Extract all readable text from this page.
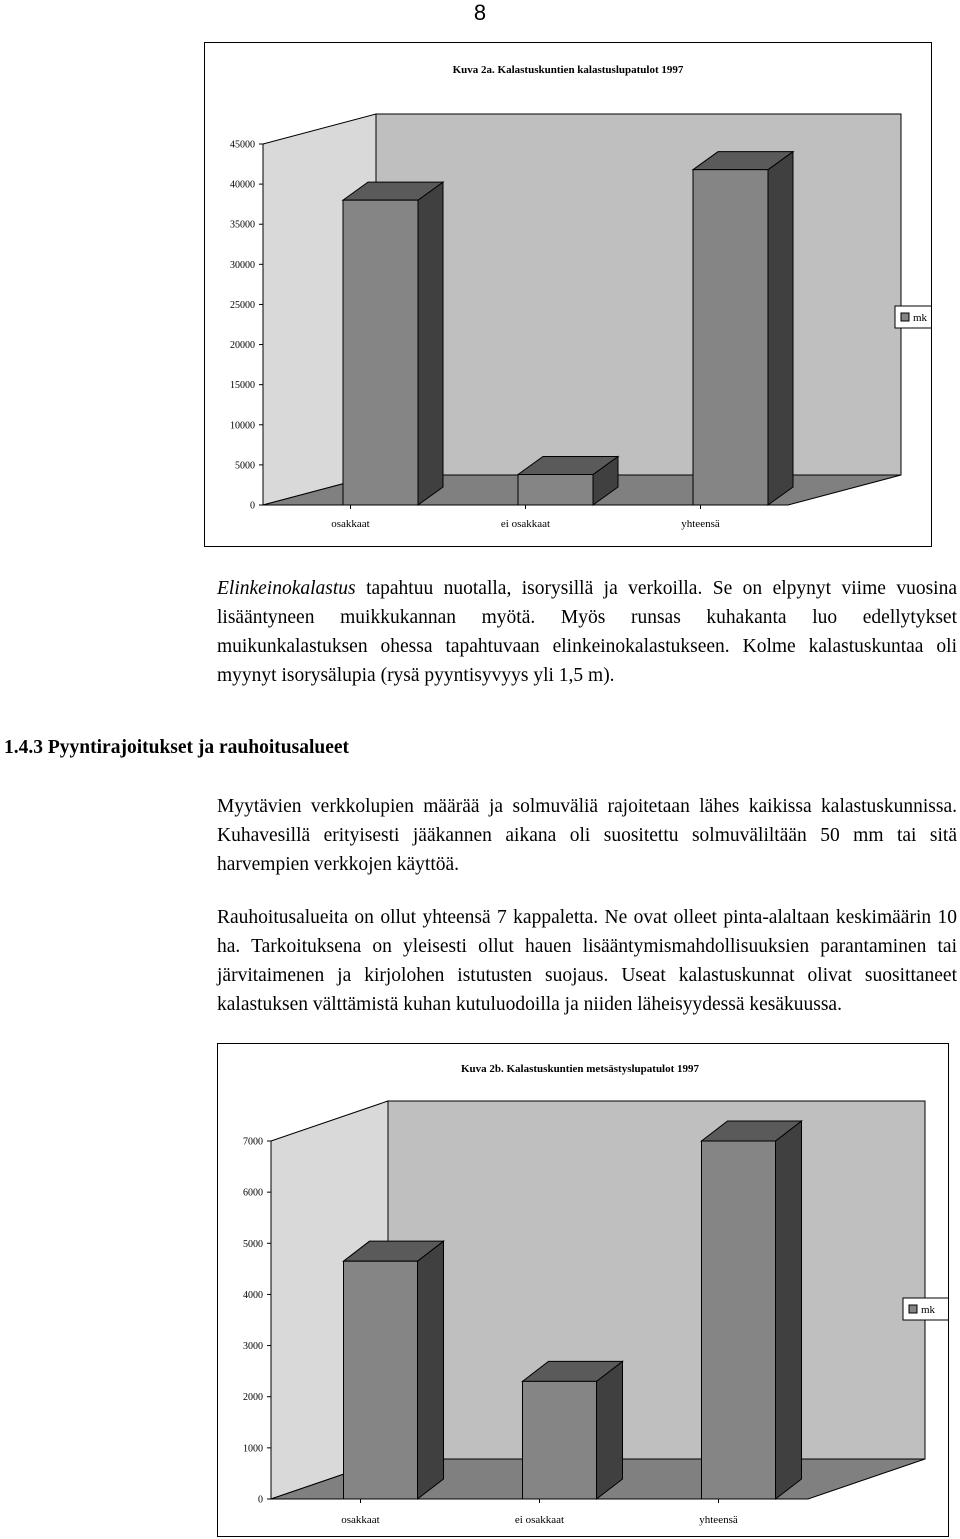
8
0
5000
10000
15000
20000
25000
30000
35000
40000
45000
osakkaat	ei osakkaat	yhteensä
Kuva 2a. Kalastuskuntien kalastuslupatulot 1997
mk

Elinkeinokalastus tapahtuu nuotalla, isorysillä ja verkoilla. Se on elpynyt viime vuosina lisääntyneen muikkukannan myötä. Myös runsas kuhakanta luo edellytykset muikunkalastuksen ohessa tapahtuvaan elinkeinokalastukseen. Kolme kalastuskuntaa oli myynyt isorysälupia (rysä pyyntisyvyys yli 1,5 m).

1.4.3 Pyyntirajoitukset ja rauhoitusalueet

Myytävien verkkolupien määrää ja solmuväliä rajoitetaan lähes kaikissa kalastuskunnissa. Kuhavesillä erityisesti jääkannen aikana oli suositettu solmuväliltään 50 mm tai sitä harvempien verkkojen käyttöä.

Rauhoitusalueita on ollut yhteensä 7 kappaletta. Ne ovat olleet pinta-alaltaan keskimäärin 10 ha. Tarkoituksena on yleisesti ollut hauen lisääntymismahdollisuuksien parantaminen tai järvitaimenen ja kirjolohen istutusten suojaus. Useat kalastuskunnat olivat suosittaneet kalastuksen välttämistä kuhan kutuluodoilla ja niiden läheisyydessä kesäkuussa.

0
1000
2000
3000
4000
5000
6000
7000
osakkaat	ei osakkaat	yhteensä
Kuva 2b. Kalastuskuntien metsästyslupatulot 1997
mk
